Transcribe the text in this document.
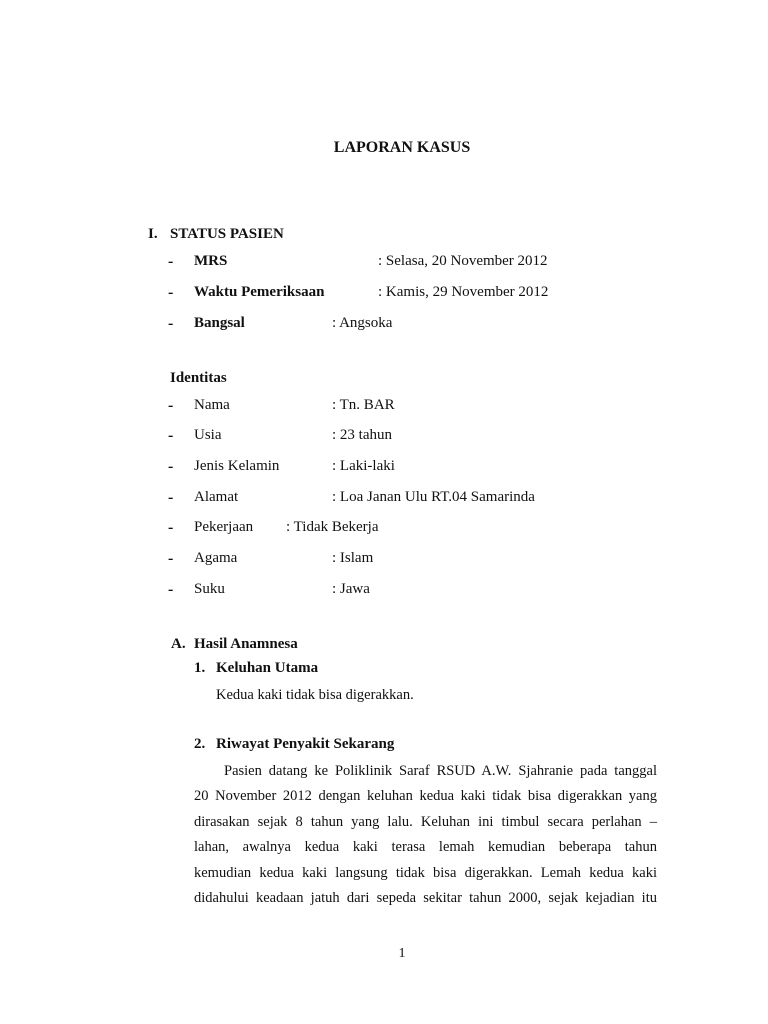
LAPORAN KASUS
I. STATUS PASIEN
- MRS	: Selasa, 20 November 2012
- Waktu Pemeriksaan	: Kamis, 29 November 2012
- Bangsal	: Angsoka
Identitas
- Nama	: Tn. BAR
- Usia	: 23 tahun
- Jenis Kelamin	: Laki-laki
- Alamat	: Loa Janan Ulu RT.04 Samarinda
- Pekerjaan : Tidak Bekerja
- Agama	: Islam
- Suku	: Jawa
A. Hasil Anamnesa
1. Keluhan Utama
Kedua kaki tidak bisa digerakkan.
2. Riwayat Penyakit Sekarang
Pasien datang ke Poliklinik Saraf RSUD A.W. Sjahranie pada tanggal
20 November 2012 dengan keluhan kedua kaki tidak bisa digerakkan yang
dirasakan sejak 8 tahun yang lalu. Keluhan ini timbul secara perlahan –
lahan, awalnya kedua kaki terasa lemah kemudian beberapa tahun
kemudian kedua kaki langsung tidak bisa digerakkan. Lemah kedua kaki
didahului keadaan jatuh dari sepeda sekitar tahun 2000, sejak kejadian itu
1
